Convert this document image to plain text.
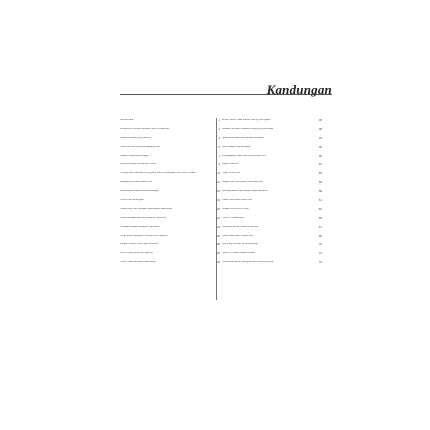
Kandungan
Semua Kata	1
Percaya Diri Sendiri dengan Penuh Keyakinan	1
Setiap Perkara yang Mencita	4
Tidak Semua Orang Menyayangi Kita	5
Asalkan Keluarga Bahagia	7
Kecemerlangan Memahami Perlih	9
Tenang Lebih Banyak Orang yang Mahu Perjuangan Jauh Lebih Susah	11
Bahagia Lahir dari Dalam Hati	14
Kita Berjaya Bukan Kerana Bahagia	15
Untuk Kita Kenangkan	16
Tanda yang Tahu dengan Mata Dapat Seseorang	18
Tidak Mengapa Berhenti Seperuh Sebentar	21
Teruskan Belajar Meskipun Sendirian	24
Tetap Tekun Meskipun Kita Berhenti Setahun	26
Jangan Khuatir, Kita Tidak Sendirian	28
Demi Orang yang Kita Sayangi	32
Hidup Tidak Semanya Soal Wang	34
Bersih, Mesti Tidak Menah Sering Pentingkan	36
Kesalan Terindah Kepada Orang yang Berharga	38
Selamat Bersam Merujukkan Pelesaian	40
Ada Kalanya Kita Bersikap	45
Kebahagiaan Saat Jiwa Kita Sesuatu Kini	48
Kalau Kita Bisa	51
Tetap Tersenyum	53
Jangan Beri Sebanyak Tiada Apa-Apa	55
Semang atau Aman Sudah Tetap Bersama	58
Kalau Kita Sudah Menerima	61
Ketapa Tersenyum Hidup	63
Hidup Ini Sederhana	65
Meskipun Dunia Tidak Pernah Adil	67
Masa Sukar akan Selalu Ada	68
Ada yang Memilih Terus Berjuang	70
Hidup Ini Tidak Menjadi Mudah	72
Dunia Kita Pernah Menghampiri Menyerang Kita	74
